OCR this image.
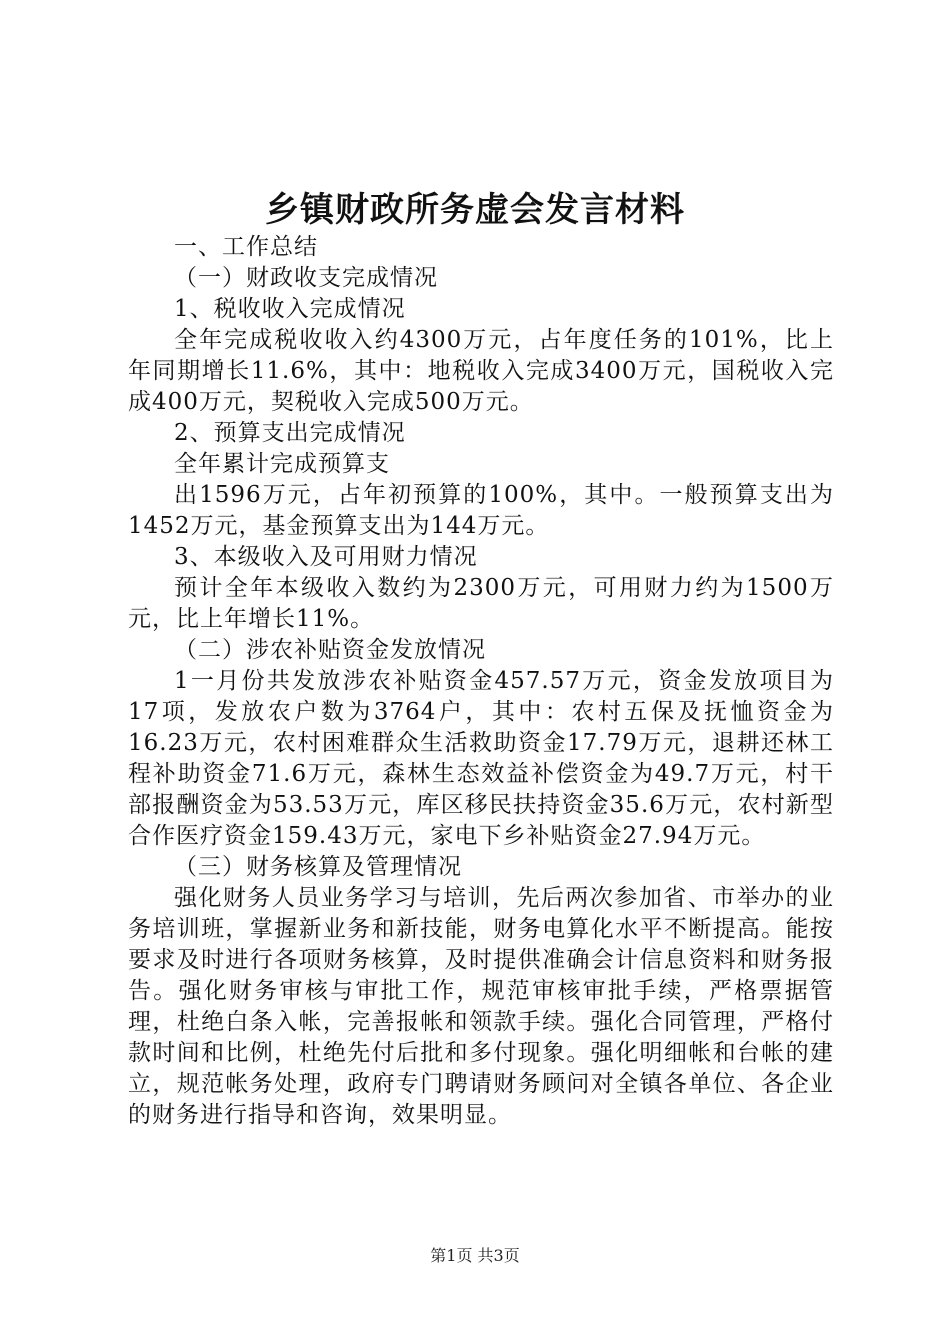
乡镇财政所务虚会发言材料

一、工作总结

（一）财政收支完成情况

1、税收收入完成情况

全年完成税收收入约4300万元，占年度任务的101%，比上年同期增长11.6%，其中：地税收入完成3400万元，国税收入完成400万元，契税收入完成500万元。

2、预算支出完成情况

全年累计完成预算支

出1596万元，占年初预算的100%，其中。一般预算支出为1452万元，基金预算支出为144万元。

3、本级收入及可用财力情况

预计全年本级收入数约为2300万元，可用财力约为1500万元，比上年增长11%。

（二）涉农补贴资金发放情况

1一月份共发放涉农补贴资金457.57万元，资金发放项目为17项，发放农户数为3764户，其中：农村五保及抚恤资金为16.23万元，农村困难群众生活救助资金17.79万元，退耕还林工程补助资金71.6万元，森林生态效益补偿资金为49.7万元，村干部报酬资金为53.53万元，库区移民扶持资金35.6万元，农村新型合作医疗资金159.43万元，家电下乡补贴资金27.94万元。

（三）财务核算及管理情况

强化财务人员业务学习与培训，先后两次参加省、市举办的业务培训班，掌握新业务和新技能，财务电算化水平不断提高。能按要求及时进行各项财务核算，及时提供准确会计信息资料和财务报告。强化财务审核与审批工作，规范审核审批手续，严格票据管理，杜绝白条入帐，完善报帐和领款手续。强化合同管理，严格付款时间和比例，杜绝先付后批和多付现象。强化明细帐和台帐的建立，规范帐务处理，政府专门聘请财务顾问对全镇各单位、各企业的财务进行指导和咨询，效果明显。

第1页 共3页
